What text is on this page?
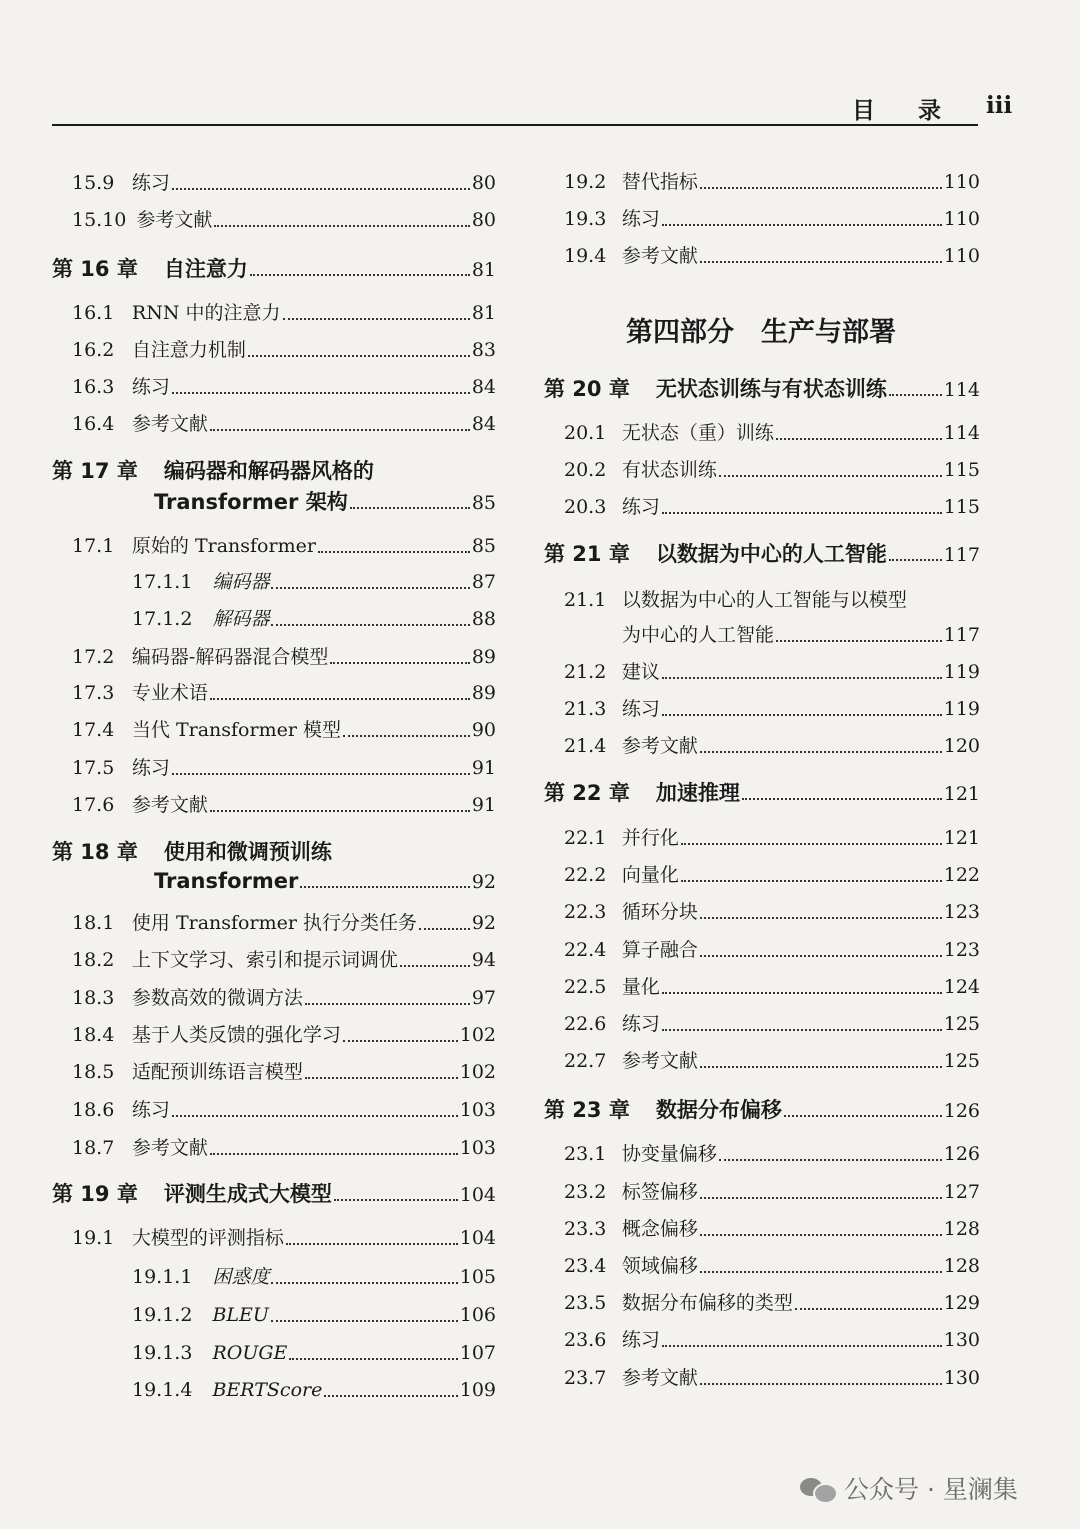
目 录 iii
第四部分　生产与部署
15.9 练习	80
15.10 参考文献	80
第 16 章 自注意力	81
16.1 RNN 中的注意力	81
16.2 自注意力机制	83
16.3 练习	84
16.4 参考文献	84
第 17 章 编码器和解码器风格的
Transformer 架构	85
17.1 原始的 Transformer	85
17.1.1 编码器	87
17.1.2 解码器	88
17.2 编码器-解码器混合模型	89
17.3 专业术语	89
17.4 当代 Transformer 模型	90
17.5 练习	91
17.6 参考文献	91
第 18 章 使用和微调预训练
Transformer	92
18.1 使用 Transformer 执行分类任务	92
18.2 上下文学习、索引和提示词调优	94
18.3 参数高效的微调方法	97
18.4 基于人类反馈的强化学习	102
18.5 适配预训练语言模型	102
18.6 练习	103
18.7 参考文献	103
第 19 章 评测生成式大模型	104
19.1 大模型的评测指标	104
19.1.1 困惑度	105
19.1.2 BLEU	106
19.1.3 ROUGE	107
19.1.4 BERTScore	109
19.2 替代指标	110
19.3 练习	110
19.4 参考文献	110
第 20 章 无状态训练与有状态训练	114
20.1 无状态（重）训练	114
20.2 有状态训练	115
20.3 练习	115
第 21 章 以数据为中心的人工智能	117
21.1 以数据为中心的人工智能与以模型
为中心的人工智能	117
21.2 建议	119
21.3 练习	119
21.4 参考文献	120
第 22 章 加速推理	121
22.1 并行化	121
22.2 向量化	122
22.3 循环分块	123
22.4 算子融合	123
22.5 量化	124
22.6 练习	125
22.7 参考文献	125
第 23 章 数据分布偏移	126
23.1 协变量偏移	126
23.2 标签偏移	127
23.3 概念偏移	128
23.4 领域偏移	128
23.5 数据分布偏移的类型	129
23.6 练习	130
23.7 参考文献	130
公众号 · 星澜集
